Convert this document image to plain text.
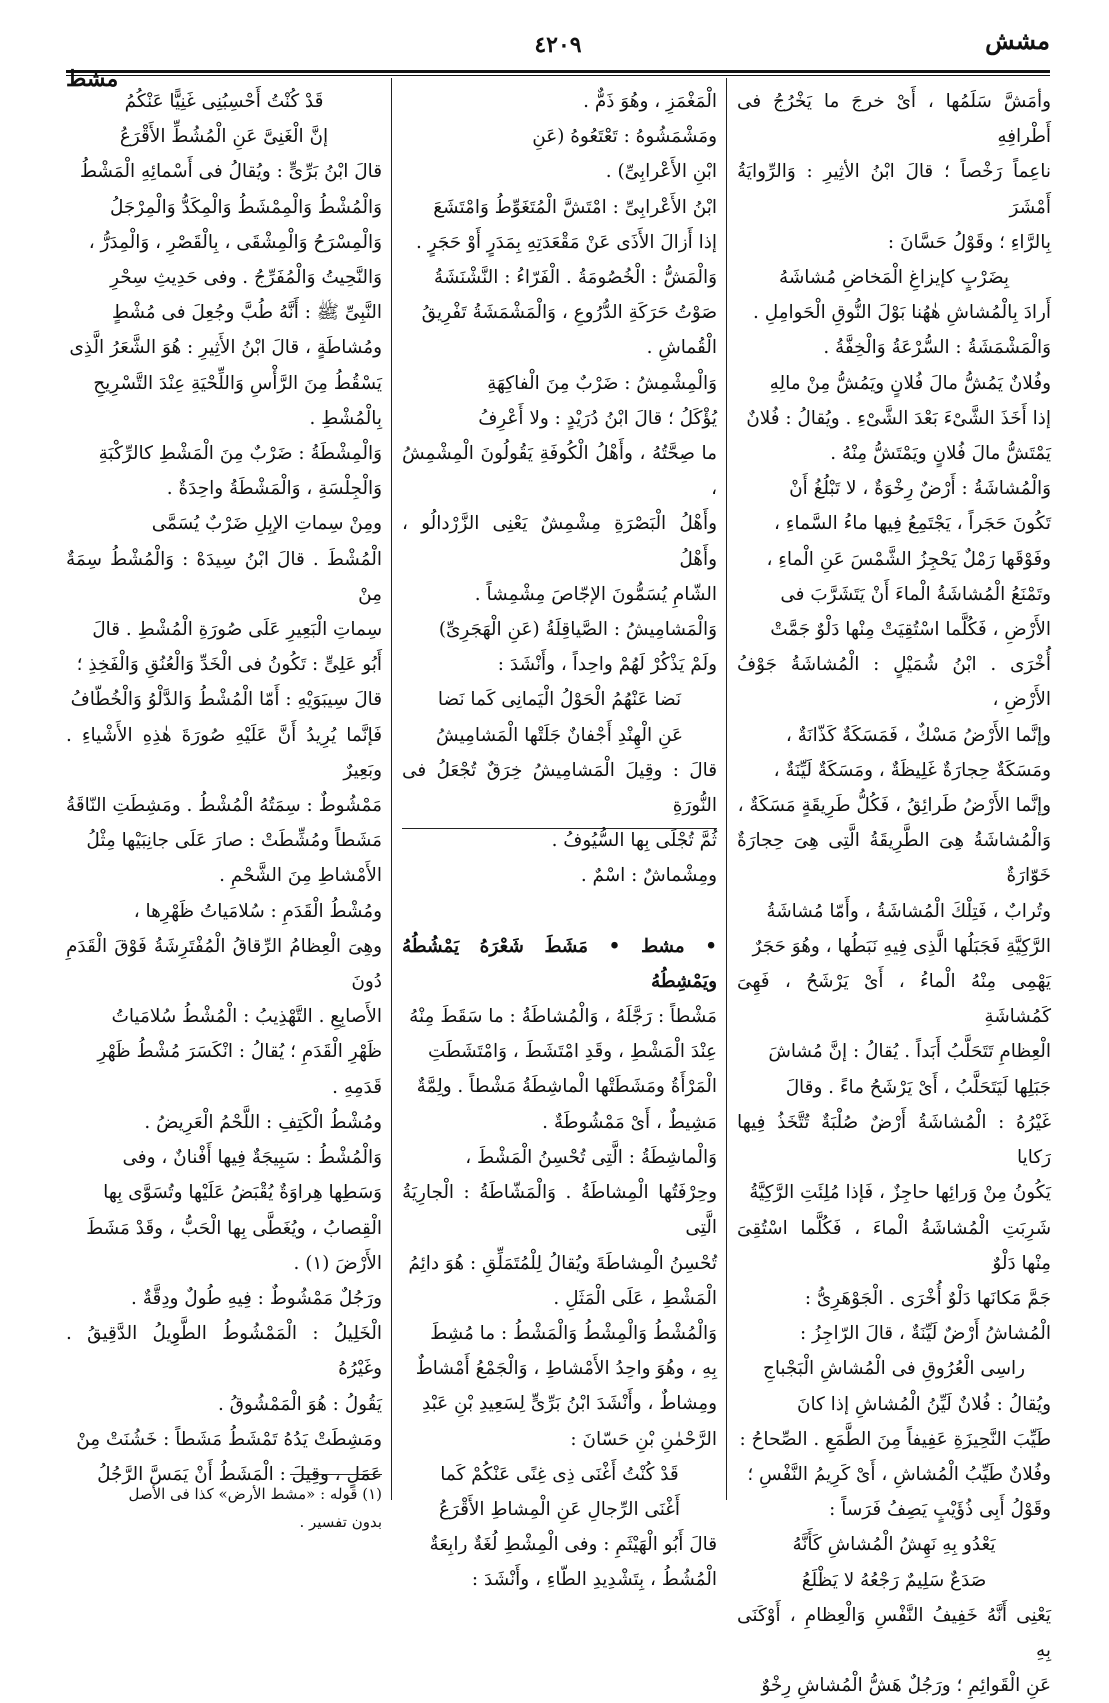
مشش
٤٢٠٩
مشط

وأمَشَّ سَلَمُها ، أَىْ خرجَ ما يَخْرُجُ فى أَطْرافِهِ

ناعِماً رَخْصاً ؛ قالَ ابْنُ الأثِيرِ : وَالرِّوايَةُ أَمْشَرَ

بِالرَّاءِ ؛ وقَوْلُ حَسَّانَ :

بِضَرْبٍ كإيزاغِ الْمَخاضِ مُشاشَهُ

أَرادَ بِالْمُشاشِ هٰهُنا بَوْلَ النُّوقِ الْحَوامِلِ .

وَالْمَشْمَشَةُ : السُّرْعَةُ وَالْخِفَّةُ .

وفُلانٌ يَمُشُّ مالَ فُلانٍ ويَمُشُّ مِنْ مالِهِ

إذا أَخَذَ الشَّىْءَ بَعْدَ الشَّىْءِ . ويُقالُ : فُلانٌ

يَمْتَشُّ مالَ فُلانٍ ويَمْتَشُّ مِنْهُ .

وَالْمُشاشَةُ : أَرْضٌ رِخْوَةٌ ، لا تَبْلُغُ أَنْ

تَكُونَ حَجَراً ، يَجْتَمِعُ فِيها ماءُ السَّماءِ ،

وفَوْقَها رَمْلٌ يَحْجِزُ الشَّمْسَ عَنِ الْماءِ ،

وتَمْنَعُ الْمُشاشَةُ الْماءَ أَنْ يَتَشَرَّبَ فى

الأَرْضِ ، فَكُلَّما اسْتُقِيَتْ مِنْها دَلْوٌ جَمَّتْ

أُخْرَى . ابْنُ شُمَيْلٍ : الْمُشاشَةُ جَوْفُ الأَرْضِ ،

وإنَّما الأَرْضُ مَسْكٌ ، فَمَسَكَةٌ كَذّانَةٌ ،

ومَسَكَةٌ حِجارَةٌ غَلِيظَةٌ ، ومَسَكَةٌ لَيِّنَةٌ ،

وإنَّما الأَرْضُ طَرائِقُ ، فَكُلُّ طَرِيقَةٍ مَسَكَةٌ ،

وَالْمُشاشَةُ هِىَ الطَّرِيقَةُ الَّتِى هِىَ حِجارَةٌ خَوّارَةٌ

وتُرابٌ ، فَتِلْكَ الْمُشاشَةُ ، وأَمّا مُشاشَةُ

الرَّكِيَّةِ فَجَبَلُها الَّذِى فِيهِ نَبَطُها ، وهُوَ حَجَرٌ

يَهْمِى مِنْهُ الْماءُ ، أَىْ يَرْشَحُ ، فَهِىَ كَمُشاشَةِ

الْعِظامِ تَتَحَلَّبُ أَبَداً . يُقالُ : إنَّ مُشاشَ

جَبَلِها لَيَتَحَلَّبُ ، أَىْ يَرْشَحُ ماءً . وقالَ

غَيْرُهُ : الْمُشاشَةُ أَرْضٌ صُلْبَةٌ تُتَّخَذُ فِيها رَكايا

يَكُونُ مِنْ وَرائِها حاجِزٌ ، فَإذا مُلِئَتِ الرَّكِيَّةُ

شَرِبَتِ الْمُشاشَةُ الْماءَ ، فَكُلَّما اسْتُقِىَ مِنْها دَلْوٌ

جَمَّ مَكانَها دَلْوٌ أُخْرَى . الْجَوْهَرِىُّ :

الْمُشاشُ أَرْضٌ لَيِّنَةٌ ، قالَ الرّاجِزُ :

راسِى الْعُرُوقِ فى الْمُشاشِ الْبَجْباجِ

ويُقالُ : فُلانٌ لَيِّنُ الْمُشاشِ إذا كانَ

طَيِّبَ النَّحِيزَةِ عَفِيفاً مِنَ الطَّمَعِ . الصِّحاحُ :

وفُلانٌ طَيِّبُ الْمُشاشِ ، أَىْ كَرِيمُ النَّفْسِ ؛

وقَوْلُ أَبِى ذُؤَيْبٍ يَصِفُ فَرَساً :

يَعْدُو بِهِ نَهِشُ الْمُشاشِ كَأَنَّهُ

صَدَعٌ سَلِيمٌ رَجْعُهُ لا يَظْلَعُ

يَعْنِى أَنَّهُ خَفِيفُ النَّفْسِ وَالْعِظامِ ، أَوْكَنَى بِهِ

عَنِ الْقَوائِمِ ؛ ورَجُلٌ هَشُّ الْمُشاشِ رِخْوٌ

الْمَغْمَزِ ، وهُوَ ذَمٌّ .

ومَشْمَشُوهُ : تَعْتَعُوهُ (عَنِ

ابْنِ الأَعْرابِىِّ) .

ابْنُ الأَعْرابِىِّ : امْتَشَّ الْمُتَغَوِّطُ وَامْتَشَعَ

إذا أَزالَ الأَذَى عَنْ مَقْعَدَتِهِ بِمَدَرٍ أَوْ حَجَرٍ .

وَالْمَشُّ : الْخُصُومَةُ . الْفَرّاءُ : النَّشْنَشَةُ

صَوْتُ حَرَكَةِ الدُّرُوعِ ، وَالْمَشْمَشَةُ تَفْرِيقُ

الْقُماشِ .

وَالْمِشْمِشُ : ضَرْبٌ مِنَ الْفاكِهَةِ

يُؤْكَلُ ؛ قالَ ابْنُ دُرَيْدٍ : ولا أَعْرِفُ

ما صِحَّتُهُ ، وأَهْلُ الْكُوفَةِ يَقُولُونَ الْمِشْمِشُ ،

وأَهْلُ الْبَصْرَةِ مِشْمِشٌ يَعْنِى الزَّرْدالُو ، وأَهْلُ

الشّامِ يُسَمُّونَ الإجّاصَ مِشْمِشاً .

وَالْمَشامِيشُ : الصَّياقِلَةُ (عَنِ الْهَجَرِىِّ)

ولَمْ يَذْكُرْ لَهُمْ واحِداً ، وأَنْشَدَ :

نَضا عَنْهُمُ الْحَوْلُ الْيَمانِى كَما نَضا

عَنِ الْهِنْدِ أَجْفانٌ جَلَتْها الْمَشامِيشُ

قالَ : وقِيلَ الْمَشامِيشُ خِرَقٌ تُجْعَلُ فى النُّورَةِ

ثُمَّ تُجْلَى بِها السُّيُوفُ .

ومِشْماشٌ : اسْمٌ .

• مشط • مَشَطَ شَعْرَهُ يَمْشُطُهُ ويَمْشِطُهُ

مَشْطاً : رَجَّلَهُ ، وَالْمُشاطَةُ : ما سَقَطَ مِنْهُ

عِنْدَ الْمَشْطِ ، وقَدِ امْتَشَطَ ، وَامْتَشَطَتِ

الْمَرْأَةُ ومَشَطَتْها الْماشِطَةُ مَشْطاً . ولِمَّةٌ

مَشِيطٌ ، أَىْ مَمْشُوطَةٌ .

وَالْماشِطَةُ : الَّتِى تُحْسِنُ الْمَشْطَ ،

وحِرْفَتُها الْمِشاطَةُ . وَالْمَشّاطَةُ : الْجارِيَةُ الَّتِى

تُحْسِنُ الْمِشاطَةَ ويُقالُ لِلْمُتَمَلِّقِ : هُوَ دائِمُ

الْمَشْطِ ، عَلَى الْمَثَلِ .

وَالْمُشْطُ وَالْمِشْطُ وَالْمَشْطُ : ما مُشِطَ

بِهِ ، وهُوَ واحِدُ الأَمْشاطِ ، وَالْجَمْعُ أَمْشاطٌ

ومِشاطٌ ، وأَنْشَدَ ابْنُ بَرِّىٍّ لِسَعِيدِ بْنِ عَبْدِ

الرَّحْمٰنِ بْنِ حَسّانَ :

قَدْ كُنْتُ أَغْنَى ذِى غِنًى عَنْكُمْ كَما

أَغْنَى الرِّجالِ عَنِ الْمِشاطِ الأَقْرَعُ

قالَ أَبُو الْهَيْثَمِ : وفى الْمِشْطِ لُغَةٌ رابِعَةٌ

الْمُشُطُ ، بِتَشْدِيدِ الطّاءِ ، وأَنْشَدَ :

قَدْ كُنْتُ أَحْسِبُنِى غَنِيًّا عَنْكُمُ

إنَّ الْغَنِىَّ عَنِ الْمُشُطِّ الأَقْرَعُ

قالَ ابْنُ بَرِّىٍّ : ويُقالُ فى أَسْمائِهِ الْمَشْطُ

وَالْمُشْطُ وَالْمِمْشَطُ وَالْمِكَدُّ وَالْمِرْجَلُ

وَالْمِسْرَحُ وَالْمِشْقَى ، بِالْقَصْرِ ، وَالْمِدَرُّ ،

وَالنَّحِيتُ وَالْمُفَرِّجُ . وفى حَدِيثِ سِحْرِ

النَّبِىِّ ﷺ : أَنَّهُ طُبَّ وجُعِلَ فى مُشْطٍ

ومُشاطَةٍ ، قالَ ابْنُ الأَثِيرِ : هُوَ الشَّعَرُ الَّذِى

يَسْقُطُ مِنَ الرَّأْسِ وَاللِّحْيَةِ عِنْدَ التَّسْرِيحِ

بِالْمُشْطِ .

وَالْمِشْطَةُ : ضَرْبٌ مِنَ الْمَشْطِ كالرِّكْبَةِ

وَالْجِلْسَةِ ، وَالْمَشْطَةُ واحِدَةٌ .

ومِنْ سِماتِ الإبِلِ ضَرْبٌ يُسَمَّى

الْمُشْطَ . قالَ ابْنُ سِيدَهْ : وَالْمُشْطُ سِمَةٌ مِنْ

سِماتِ الْبَعِيرِ عَلَى صُورَةِ الْمُشْطِ . قالَ

أَبُو عَلِىٍّ : تَكُونُ فى الْخَدِّ وَالْعُنُقِ وَالْفَخِذِ ؛

قالَ سِيبَوَيْهِ : أَمّا الْمُشْطُ وَالدَّلْوُ وَالْخُطّافُ

فَإنَّما يُرِيدُ أَنَّ عَلَيْهِ صُورَةَ هٰذِهِ الأَشْياءِ . وبَعِيرٌ

مَمْشُوطٌ : سِمَتُهُ الْمُشْطُ . ومَشِطَتِ النّاقَةُ

مَشَطاً ومُشِّطَتْ : صارَ عَلَى جانِبَيْها مِثْلُ

الأَمْشاطِ مِنَ الشَّحْمِ .

ومُشْطُ الْقَدَمِ : سُلامَياتُ ظَهْرِها ،

وهِىَ الْعِظامُ الرِّقاقُ الْمُفْتَرِشَةُ فَوْقَ الْقَدَمِ دُونَ

الأَصابِعِ . التَّهْذِيبُ : الْمُشْطُ سُلامَياتُ

ظَهْرِ الْقَدَمِ ؛ يُقالُ : انْكَسَرَ مُشْطُ ظَهْرِ

قَدَمِهِ .

ومُشْطُ الْكَتِفِ : اللَّحْمُ الْعَرِيضُ .

وَالْمُشْطُ : سَبِيجَةٌ فِيها أَفْنانٌ ، وفى

وَسَطِها هِراوَةٌ يُقْبَضُ عَلَيْها وتُسَوَّى بِها

الْقِصابُ ، ويُغَطَّى بِها الْحَبُّ ، وقَدْ مَشَطَ

الأَرْضَ (١) .

ورَجُلٌ مَمْشُوطٌ : فِيهِ طُولٌ ودِقَّةٌ .

الْخَلِيلُ : الْمَمْشُوطُ الطَّوِيلُ الدَّقِيقُ . وغَيْرُهُ

يَقُولُ : هُوَ الْمَمْشُوقُ .

ومَشِطَتْ يَدُهُ تَمْشَطُ مَشَطاً : خَشُنَتْ مِنْ

عَمَلٍ ، وقِيلَ : الْمَشَطُ أَنْ يَمَسَّ الرَّجُلُ

(١) قوله : «مشط الأرض» كذا فى الأصل

بدون تفسير .
